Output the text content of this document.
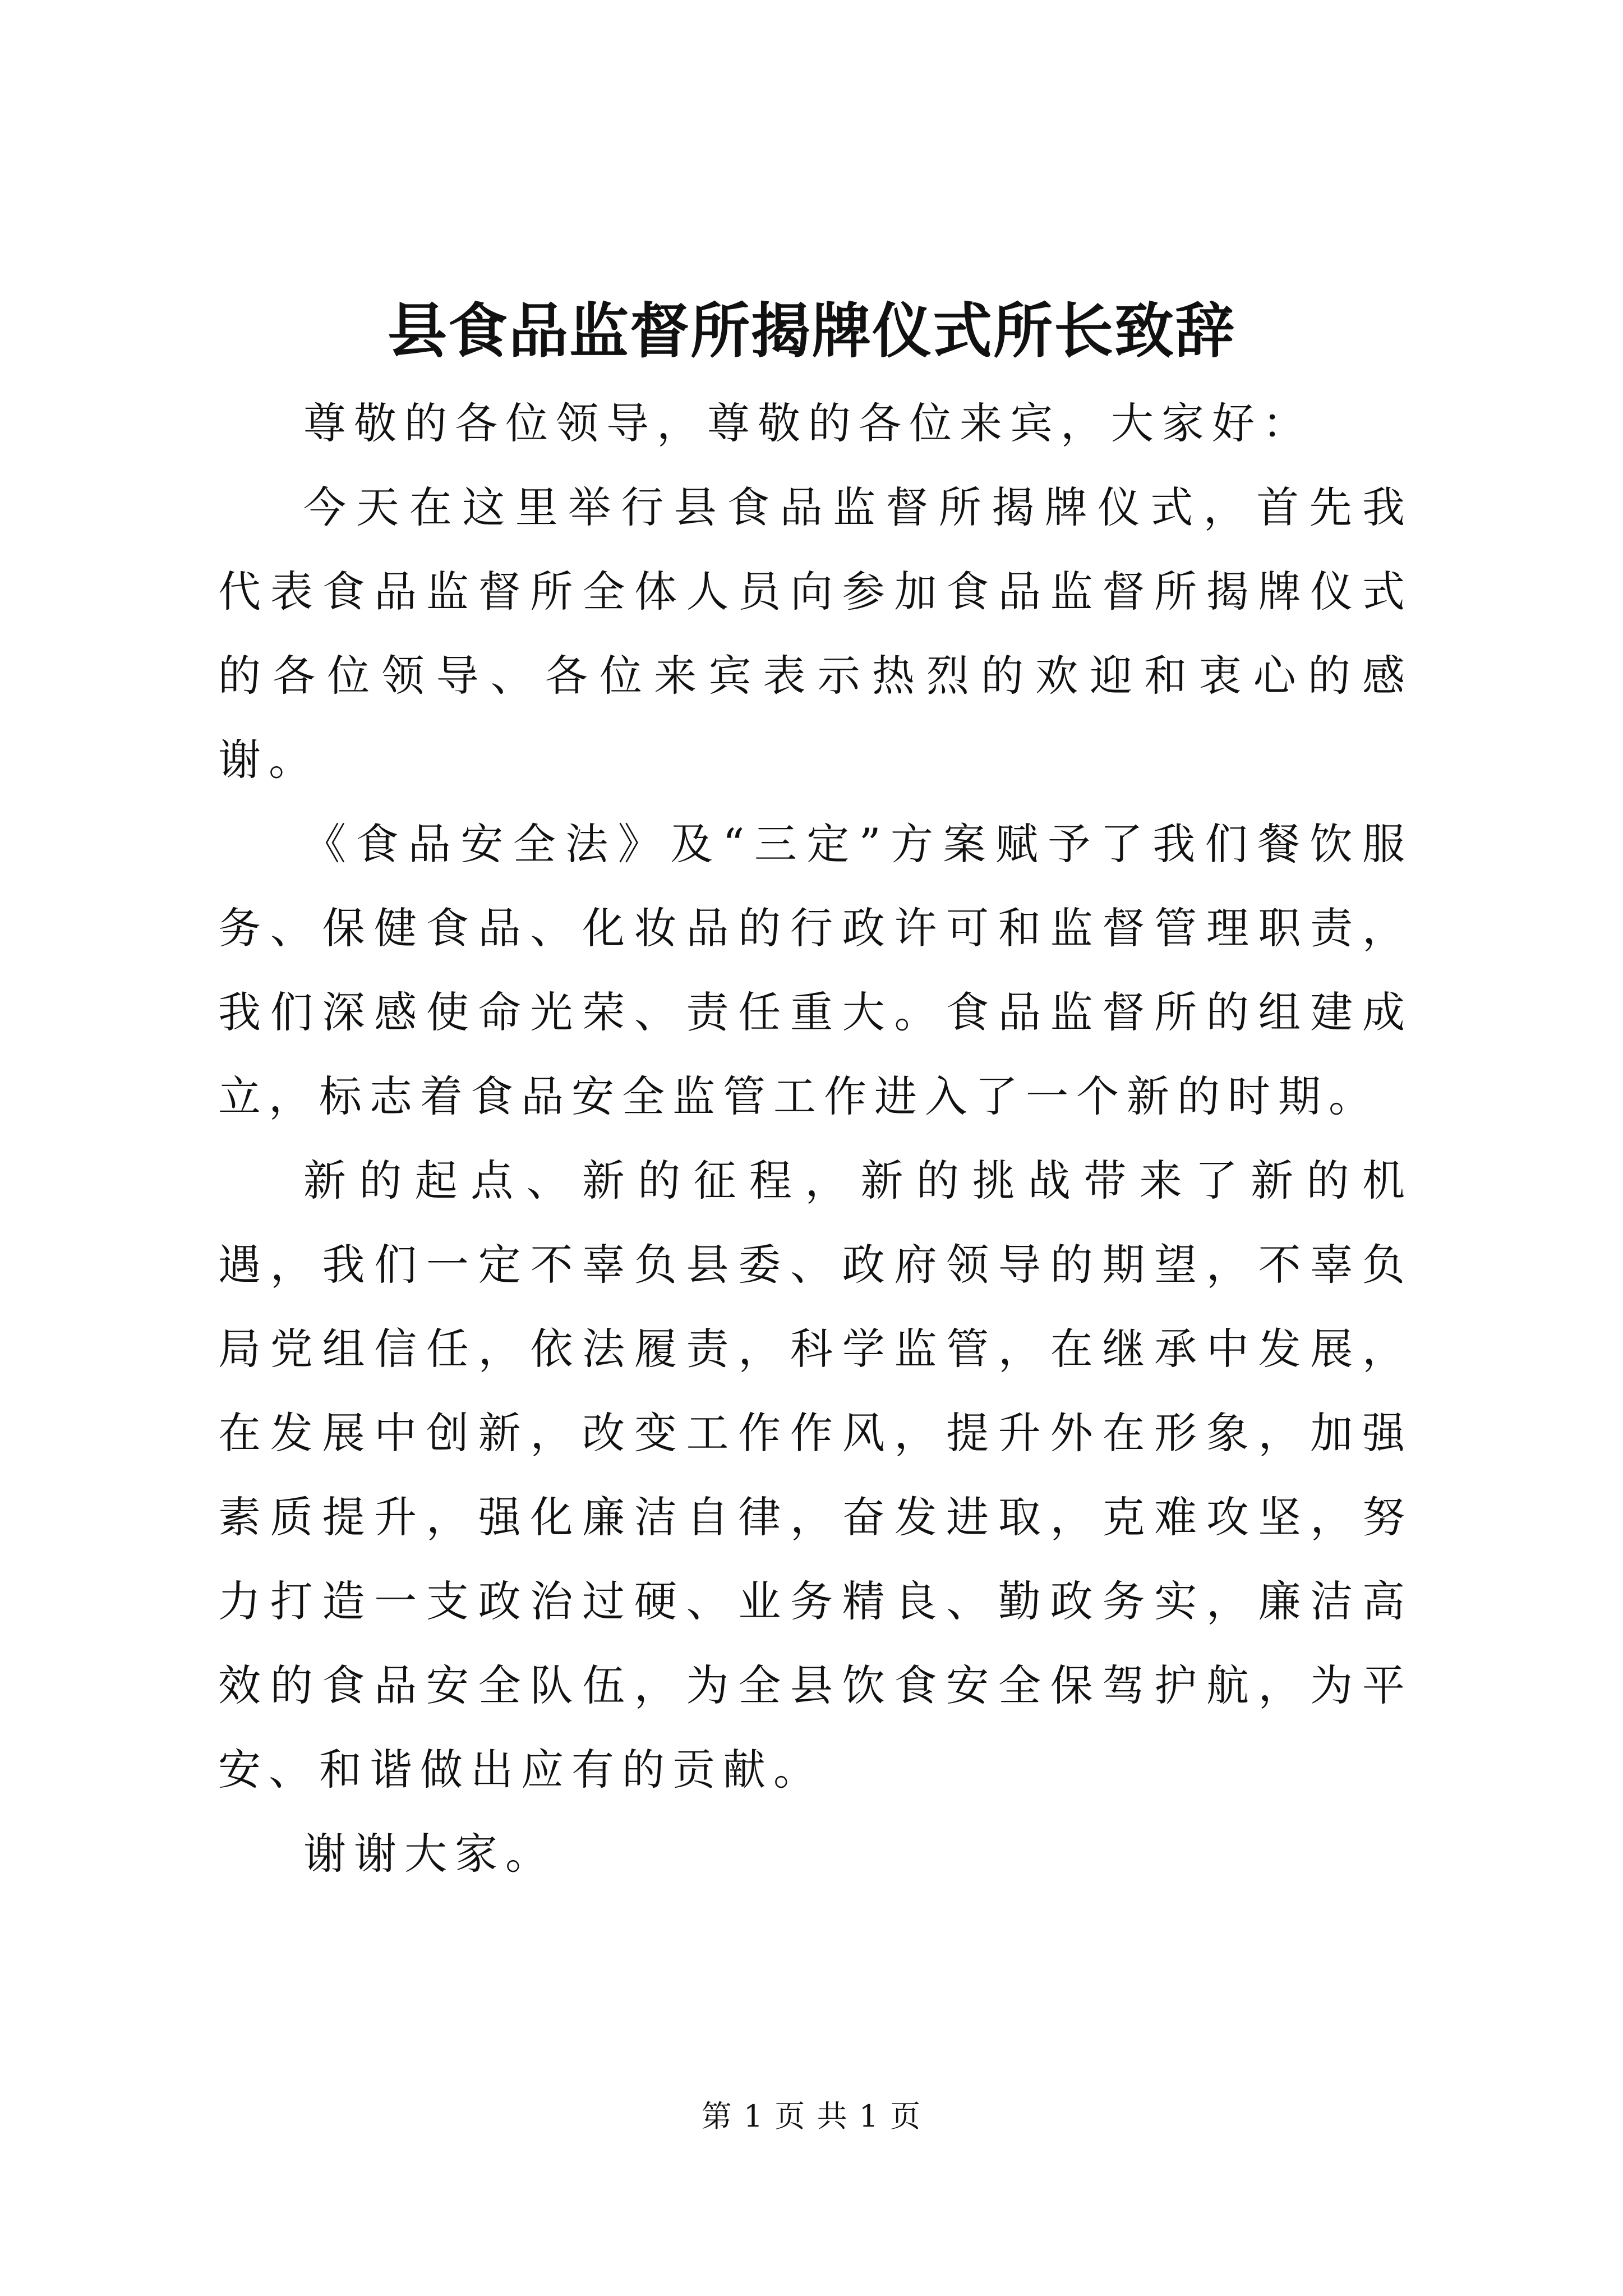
县食品监督所揭牌仪式所长致辞

尊敬的各位领导，尊敬的各位来宾，大家好：

今天在这里举行县食品监督所揭牌仪式，首先我代表食品监督所全体人员向参加食品监督所揭牌仪式的各位领导、各位来宾表示热烈的欢迎和衷心的感谢。

《食品安全法》及“三定”方案赋予了我们餐饮服务、保健食品、化妆品的行政许可和监督管理职责，我们深感使命光荣、责任重大。食品监督所的组建成立，标志着食品安全监管工作进入了一个新的时期。

新的起点、新的征程，新的挑战带来了新的机遇，我们一定不辜负县委、政府领导的期望，不辜负局党组信任，依法履责，科学监管，在继承中发展，在发展中创新，改变工作作风，提升外在形象，加强素质提升，强化廉洁自律，奋发进取，克难攻坚，努力打造一支政治过硬、业务精良、勤政务实，廉洁高效的食品安全队伍，为全县饮食安全保驾护航，为平安、和谐做出应有的贡献。

谢谢大家。

第 1 页 共 1 页
